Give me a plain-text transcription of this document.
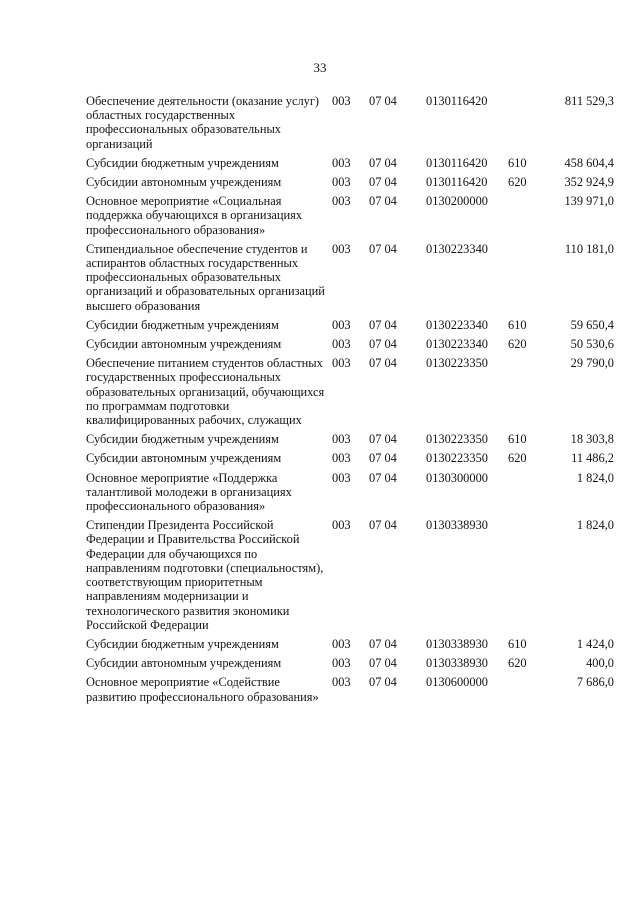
33
Обеспечение деятельности (оказание услуг) областных государственных профессиональных образовательных организаций	003	07 04	0130116420		811 529,3
Субсидии бюджетным учреждениям	003	07 04	0130116420	610	458 604,4
Субсидии автономным учреждениям	003	07 04	0130116420	620	352 924,9
Основное мероприятие «Социальная поддержка обучающихся в организациях профессионального образования»	003	07 04	0130200000		139 971,0
Стипендиальное обеспечение студентов и аспирантов областных государственных профессиональных образовательных организаций и образовательных организаций высшего образования	003	07 04	0130223340		110 181,0
Субсидии бюджетным учреждениям	003	07 04	0130223340	610	59 650,4
Субсидии автономным учреждениям	003	07 04	0130223340	620	50 530,6
Обеспечение питанием студентов областных государственных профессиональных образовательных организаций, обучающихся по программам подготовки квалифицированных рабочих, служащих	003	07 04	0130223350		29 790,0
Субсидии бюджетным учреждениям	003	07 04	0130223350	610	18 303,8
Субсидии автономным учреждениям	003	07 04	0130223350	620	11 486,2
Основное мероприятие «Поддержка талантливой молодежи в организациях профессионального образования»	003	07 04	0130300000		1 824,0
Стипендии Президента Российской Федерации и Правительства Российской Федерации для обучающихся по направлениям подготовки (специальностям), соответствующим приоритетным направлениям модернизации и технологического развития экономики Российской Федерации	003	07 04	0130338930		1 824,0
Субсидии бюджетным учреждениям	003	07 04	0130338930	610	1 424,0
Субсидии автономным учреждениям	003	07 04	0130338930	620	400,0
Основное мероприятие «Содействие развитию профессионального образования»	003	07 04	0130600000		7 686,0
